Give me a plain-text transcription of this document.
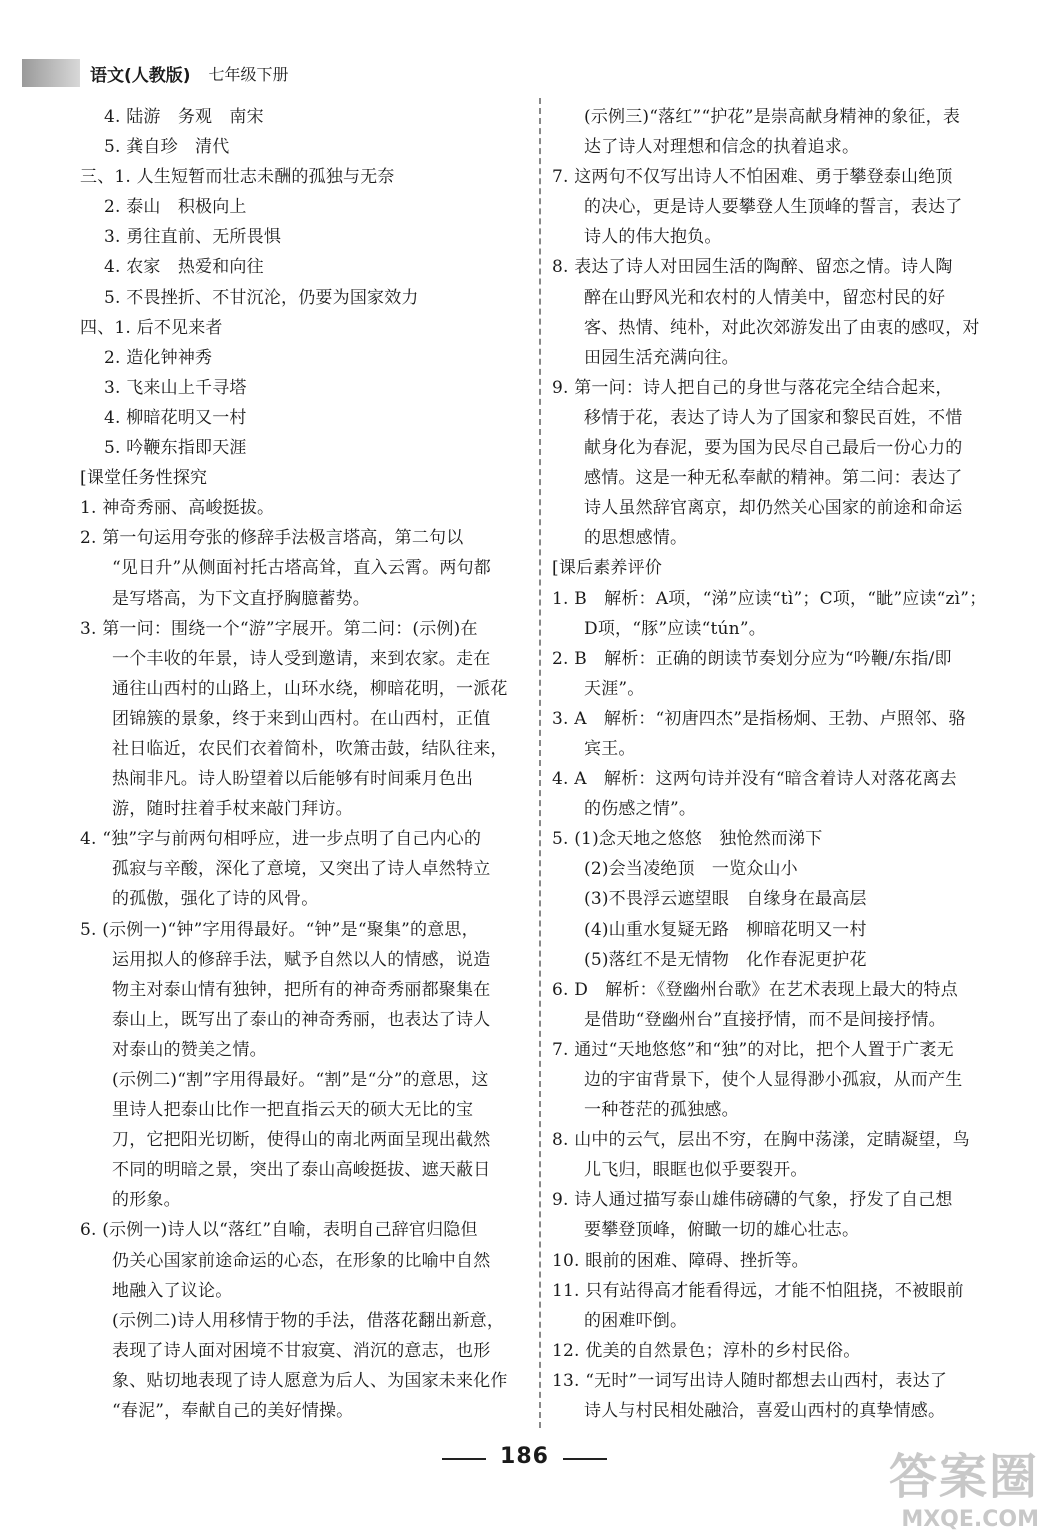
语文(人教版) 七年级下册
4. 陆游　务观　南宋
5. 龚自珍　清代
三、1. 人生短暂而壮志未酬的孤独与无奈
2. 泰山　积极向上
3. 勇往直前、无所畏惧
4. 农家　热爱和向往
5. 不畏挫折、不甘沉沦，仍要为国家效力
四、1. 后不见来者
2. 造化钟神秀
3. 飞来山上千寻塔
4. 柳暗花明又一村
5. 吟鞭东指即天涯
[课堂任务性探究
1. 神奇秀丽、高峻挺拔。
2. 第一句运用夸张的修辞手法极言塔高，第二句以
“见日升”从侧面衬托古塔高耸，直入云霄。两句都
是写塔高，为下文直抒胸臆蓄势。
3. 第一问：围绕一个“游”字展开。第二问：(示例)在
一个丰收的年景，诗人受到邀请，来到农家。走在
通往山西村的山路上，山环水绕，柳暗花明，一派花
团锦簇的景象，终于来到山西村。在山西村，正值
社日临近，农民们衣着简朴，吹箫击鼓，结队往来，
热闹非凡。诗人盼望着以后能够有时间乘月色出
游，随时拄着手杖来敲门拜访。
4. “独”字与前两句相呼应，进一步点明了自己内心的
孤寂与辛酸，深化了意境，又突出了诗人卓然特立
的孤傲，强化了诗的风骨。
5. (示例一)“钟”字用得最好。“钟”是“聚集”的意思，
运用拟人的修辞手法，赋予自然以人的情感，说造
物主对泰山情有独钟，把所有的神奇秀丽都聚集在
泰山上，既写出了泰山的神奇秀丽，也表达了诗人
对泰山的赞美之情。
(示例二)“割”字用得最好。“割”是“分”的意思，这
里诗人把泰山比作一把直指云天的硕大无比的宝
刀，它把阳光切断，使得山的南北两面呈现出截然
不同的明暗之景，突出了泰山高峻挺拔、遮天蔽日
的形象。
6. (示例一)诗人以“落红”自喻，表明自己辞官归隐但
仍关心国家前途命运的心态，在形象的比喻中自然
地融入了议论。
(示例二)诗人用移情于物的手法，借落花翻出新意，
表现了诗人面对困境不甘寂寞、消沉的意志，也形
象、贴切地表现了诗人愿意为后人、为国家未来化作
“春泥”，奉献自己的美好情操。
(示例三)“落红”“护花”是崇高献身精神的象征，表
达了诗人对理想和信念的执着追求。
7. 这两句不仅写出诗人不怕困难、勇于攀登泰山绝顶
的决心，更是诗人要攀登人生顶峰的誓言，表达了
诗人的伟大抱负。
8. 表达了诗人对田园生活的陶醉、留恋之情。诗人陶
醉在山野风光和农村的人情美中，留恋村民的好
客、热情、纯朴，对此次郊游发出了由衷的感叹，对
田园生活充满向往。
9. 第一问：诗人把自己的身世与落花完全结合起来，
移情于花，表达了诗人为了国家和黎民百姓，不惜
献身化为春泥，要为国为民尽自己最后一份心力的
感情。这是一种无私奉献的精神。第二问：表达了
诗人虽然辞官离京，却仍然关心国家的前途和命运
的思想感情。
[课后素养评价
1. B　解析：A项，“涕”应读“tì”；C项，“眦”应读“zì”；
D项，“豚”应读“tún”。
2. B　解析：正确的朗读节奏划分应为“吟鞭/东指/即
天涯”。
3. A　解析：“初唐四杰”是指杨炯、王勃、卢照邻、骆
宾王。
4. A　解析：这两句诗并没有“暗含着诗人对落花离去
的伤感之情”。
5. (1)念天地之悠悠　独怆然而涕下
(2)会当凌绝顶　一览众山小
(3)不畏浮云遮望眼　自缘身在最高层
(4)山重水复疑无路　柳暗花明又一村
(5)落红不是无情物　化作春泥更护花
6. D　解析：《登幽州台歌》在艺术表现上最大的特点
是借助“登幽州台”直接抒情，而不是间接抒情。
7. 通过“天地悠悠”和“独”的对比，把个人置于广袤无
边的宇宙背景下，使个人显得渺小孤寂，从而产生
一种苍茫的孤独感。
8. 山中的云气，层出不穷，在胸中荡漾，定睛凝望，鸟
儿飞归，眼眶也似乎要裂开。
9. 诗人通过描写泰山雄伟磅礴的气象，抒发了自己想
要攀登顶峰，俯瞰一切的雄心壮志。
10. 眼前的困难、障碍、挫折等。
11. 只有站得高才能看得远，才能不怕阻挠，不被眼前
的困难吓倒。
12. 优美的自然景色；淳朴的乡村民俗。
13. “无时”一词写出诗人随时都想去山西村，表达了
诗人与村民相处融洽，喜爱山西村的真挚情感。
186	答案圈
MXQE.COM
